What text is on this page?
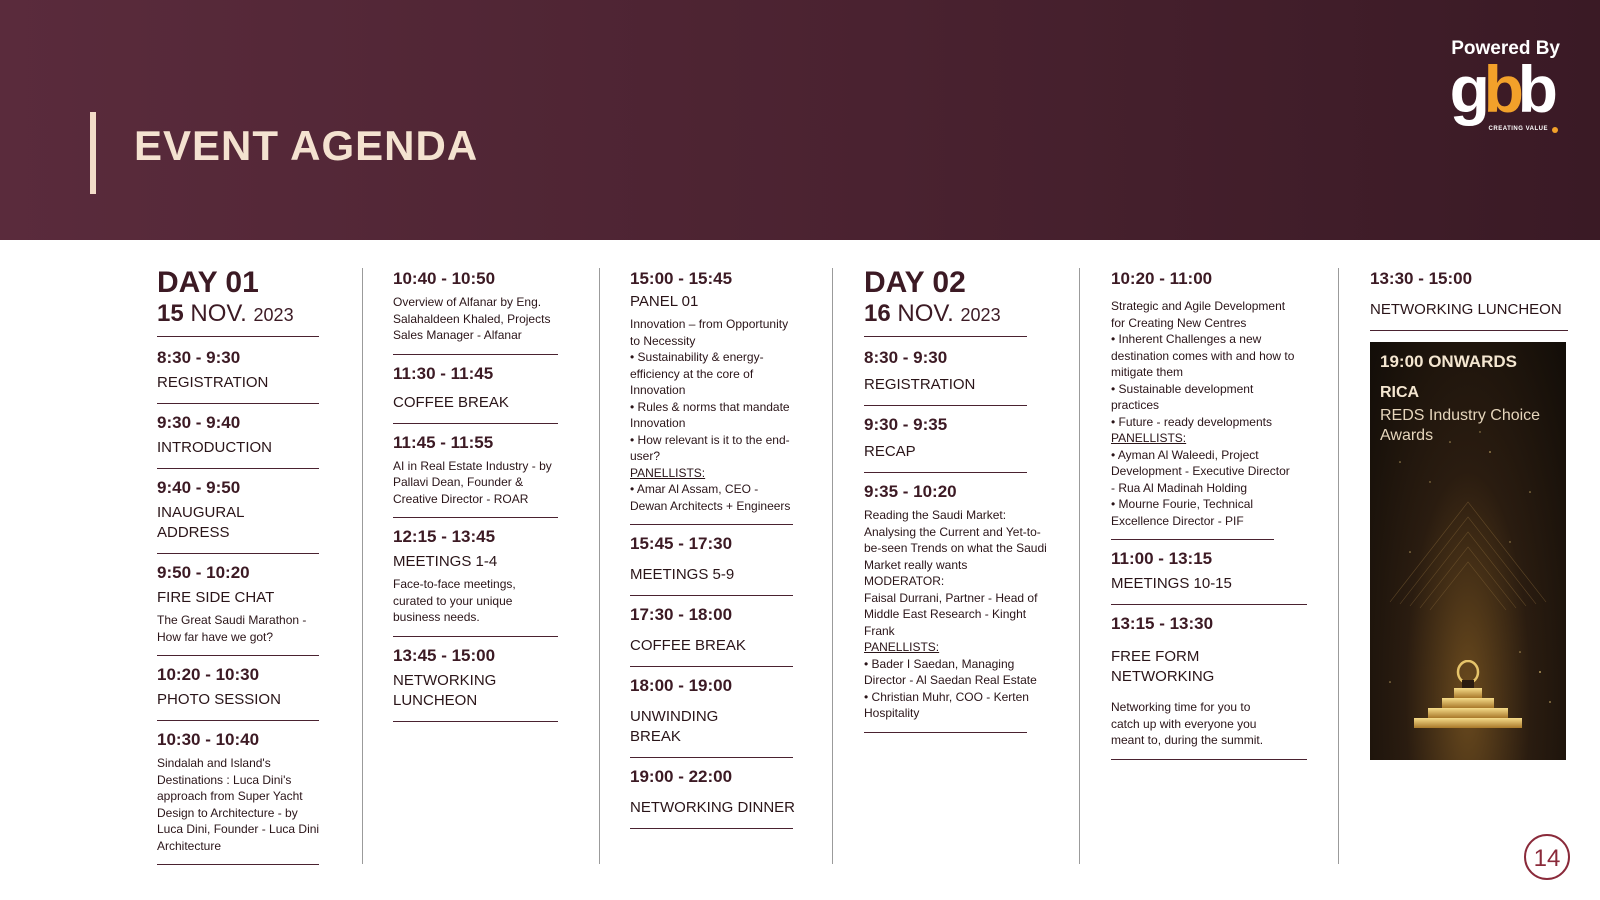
EVENT AGENDA
Powered By
g
b
b
CREATING VALUE
DAY 01
15 NOV. 2023
8:30 - 9:30
REGISTRATION
9:30 - 9:40
INTRODUCTION
9:40 - 9:50
INAUGURAL ADDRESS
9:50 - 10:20
FIRE SIDE CHAT
The Great Saudi Marathon - How far have we got?
10:20 - 10:30
PHOTO SESSION
10:30 - 10:40
Sindalah and Island's Destinations : Luca Dini's approach from Super Yacht Design to Architecture - by Luca Dini, Founder - Luca Dini Architecture
10:40 - 10:50
Overview of Alfanar by Eng. Salahaldeen Khaled, Projects Sales Manager - Alfanar
11:30 - 11:45
COFFEE BREAK
11:45 - 11:55
AI in Real Estate Industry - by Pallavi Dean, Founder & Creative Director - ROAR
12:15 - 13:45
MEETINGS 1-4
Face-to-face meetings, curated to your unique business needs.
13:45 - 15:00
NETWORKING LUNCHEON
15:00 - 15:45
PANEL 01
Innovation – from Opportunity to Necessity
• Sustainability & energy-efficiency at the core of Innovation
• Rules & norms that mandate Innovation
• How relevant is it to the end-user?
PANELLISTS:
• Amar Al Assam, CEO - Dewan Architects + Engineers
15:45 - 17:30
MEETINGS 5-9
17:30 - 18:00
COFFEE BREAK
18:00 - 19:00
UNWINDING BREAK
19:00 - 22:00
NETWORKING DINNER
DAY 02
16 NOV. 2023
8:30 - 9:30
REGISTRATION
9:30 - 9:35
RECAP
9:35 - 10:20
Reading the Saudi Market: Analysing the Current and Yet-to-be-seen Trends on what the Saudi Market really wants
MODERATOR:
Faisal Durrani, Partner - Head of Middle East Research - Kinght Frank
PANELLISTS:
• Bader I Saedan, Managing Director - Al Saedan Real Estate
• Christian Muhr, COO - Kerten Hospitality
10:20 - 11:00
Strategic and Agile Development for Creating New Centres
• Inherent Challenges a new destination comes with and how to mitigate them
• Sustainable development practices
• Future - ready developments
PANELLISTS:
• Ayman Al Waleedi, Project Development - Executive Director - Rua Al Madinah Holding
• Mourne Fourie, Technical Excellence Director - PIF
11:00 - 13:15
MEETINGS 10-15
13:15 - 13:30
FREE FORM NETWORKING
Networking time for you to catch up with everyone you meant to, during the summit.
13:30 - 15:00
NETWORKING LUNCHEON
19:00 ONWARDS
RICA
REDS Industry Choice Awards
14
